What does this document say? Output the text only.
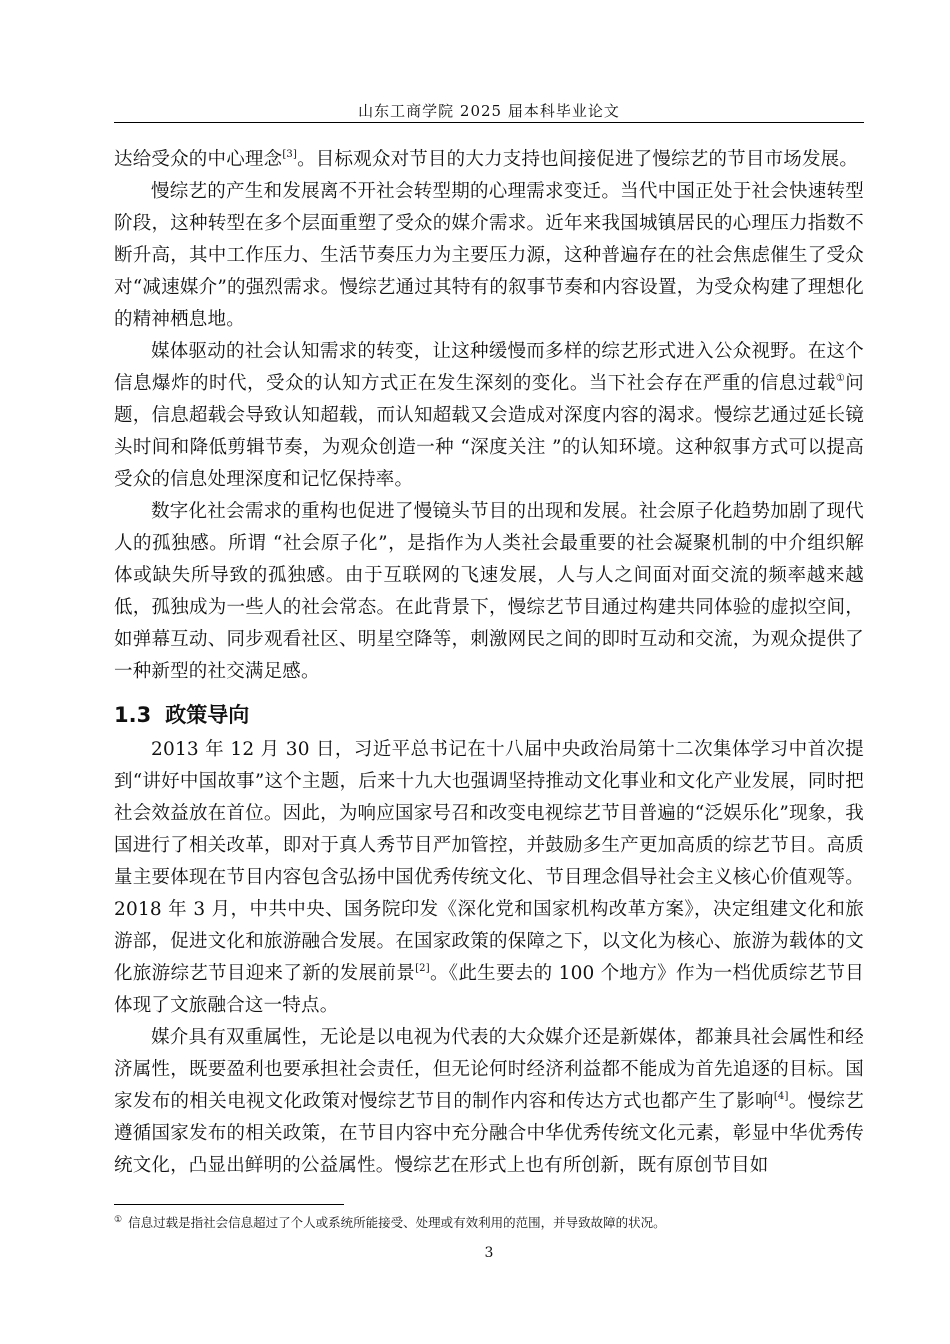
山东工商学院 2025 届本科毕业论文

达给受众的中心理念[3]。目标观众对节目的大力支持也间接促进了慢综艺的节目市场发展。

慢综艺的产生和发展离不开社会转型期的心理需求变迁。当代中国正处于社会快速转型阶段，这种转型在多个层面重塑了受众的媒介需求。近年来我国城镇居民的心理压力指数不断升高，其中工作压力、生活节奏压力为主要压力源，这种普遍存在的社会焦虑催生了受众对“减速媒介”的强烈需求。慢综艺通过其特有的叙事节奏和内容设置，为受众构建了理想化的精神栖息地。

媒体驱动的社会认知需求的转变，让这种缓慢而多样的综艺形式进入公众视野。在这个信息爆炸的时代，受众的认知方式正在发生深刻的变化。当下社会存在严重的信息过载①问题，信息超载会导致认知超载，而认知超载又会造成对深度内容的渴求。慢综艺通过延长镜头时间和降低剪辑节奏，为观众创造一种 “深度关注 ”的认知环境。这种叙事方式可以提高受众的信息处理深度和记忆保持率。

数字化社会需求的重构也促进了慢镜头节目的出现和发展。社会原子化趋势加剧了现代人的孤独感。所谓 “社会原子化”，是指作为人类社会最重要的社会凝聚机制的中介组织解体或缺失所导致的孤独感。由于互联网的飞速发展，人与人之间面对面交流的频率越来越低，孤独成为一些人的社会常态。在此背景下，慢综艺节目通过构建共同体验的虚拟空间，如弹幕互动、同步观看社区、明星空降等，刺激网民之间的即时互动和交流，为观众提供了一种新型的社交满足感。

1.3 政策导向

2013 年 12 月 30 日，习近平总书记在十八届中央政治局第十二次集体学习中首次提到“讲好中国故事”这个主题，后来十九大也强调坚持推动文化事业和文化产业发展，同时把社会效益放在首位。因此，为响应国家号召和改变电视综艺节目普遍的“泛娱乐化”现象，我国进行了相关改革，即对于真人秀节目严加管控，并鼓励多生产更加高质的综艺节目。高质量主要体现在节目内容包含弘扬中国优秀传统文化、节目理念倡导社会主义核心价值观等。2018 年 3 月，中共中央、国务院印发《深化党和国家机构改革方案》，决定组建文化和旅游部，促进文化和旅游融合发展。在国家政策的保障之下，以文化为核心、旅游为载体的文化旅游综艺节目迎来了新的发展前景[2]。《此生要去的 100 个地方》作为一档优质综艺节目体现了文旅融合这一特点。

媒介具有双重属性，无论是以电视为代表的大众媒介还是新媒体，都兼具社会属性和经济属性，既要盈利也要承担社会责任，但无论何时经济利益都不能成为首先追逐的目标。国家发布的相关电视文化政策对慢综艺节目的制作内容和传达方式也都产生了影响[4]。慢综艺遵循国家发布的相关政策，在节目内容中充分融合中华优秀传统文化元素，彰显中华优秀传统文化，凸显出鲜明的公益属性。慢综艺在形式上也有所创新，既有原创节目如

① 信息过载是指社会信息超过了个人或系统所能接受、处理或有效利用的范围，并导致故障的状况。
3
